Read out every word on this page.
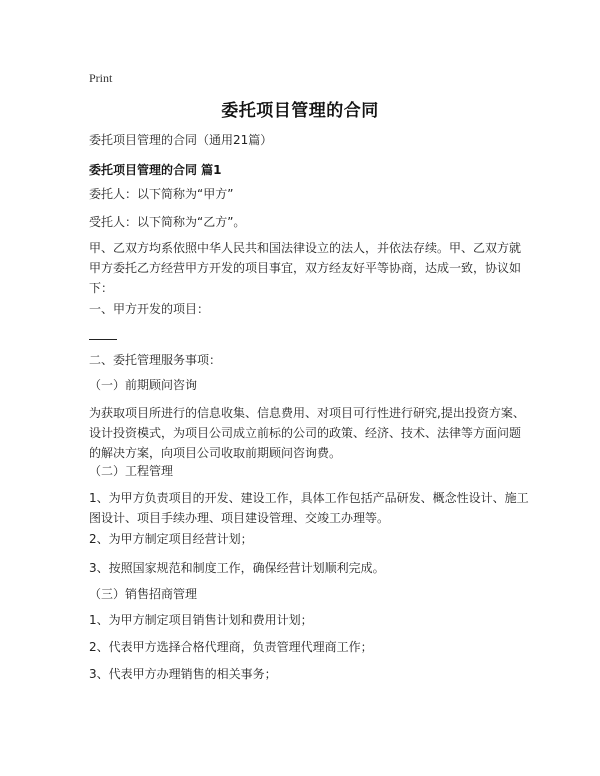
Print
委托项目管理的合同
委托项目管理的合同（通用21篇）
委托项目管理的合同 篇1
委托人：以下简称为“甲方”
受托人：以下简称为“乙方”。
甲、乙双方均系依照中华人民共和国法律设立的法人，并依法存续。甲、乙双方就甲方委托乙方经营甲方开发的项目事宜，双方经友好平等协商，达成一致，协议如下：
一、甲方开发的项目：
二、委托管理服务事项：
（一）前期顾问咨询
为获取项目所进行的信息收集、信息费用、对项目可行性进行研究,提出投资方案、设计投资模式，为项目公司成立前标的公司的政策、经济、技术、法律等方面问题的解决方案，向项目公司收取前期顾问咨询费。
（二）工程管理
1、为甲方负责项目的开发、建设工作，具体工作包括产品研发、概念性设计、施工图设计、项目手续办理、项目建设管理、交竣工办理等。
2、为甲方制定项目经营计划；
3、按照国家规范和制度工作，确保经营计划顺利完成。
（三）销售招商管理
1、为甲方制定项目销售计划和费用计划；
2、代表甲方选择合格代理商，负责管理代理商工作；
3、代表甲方办理销售的相关事务；
